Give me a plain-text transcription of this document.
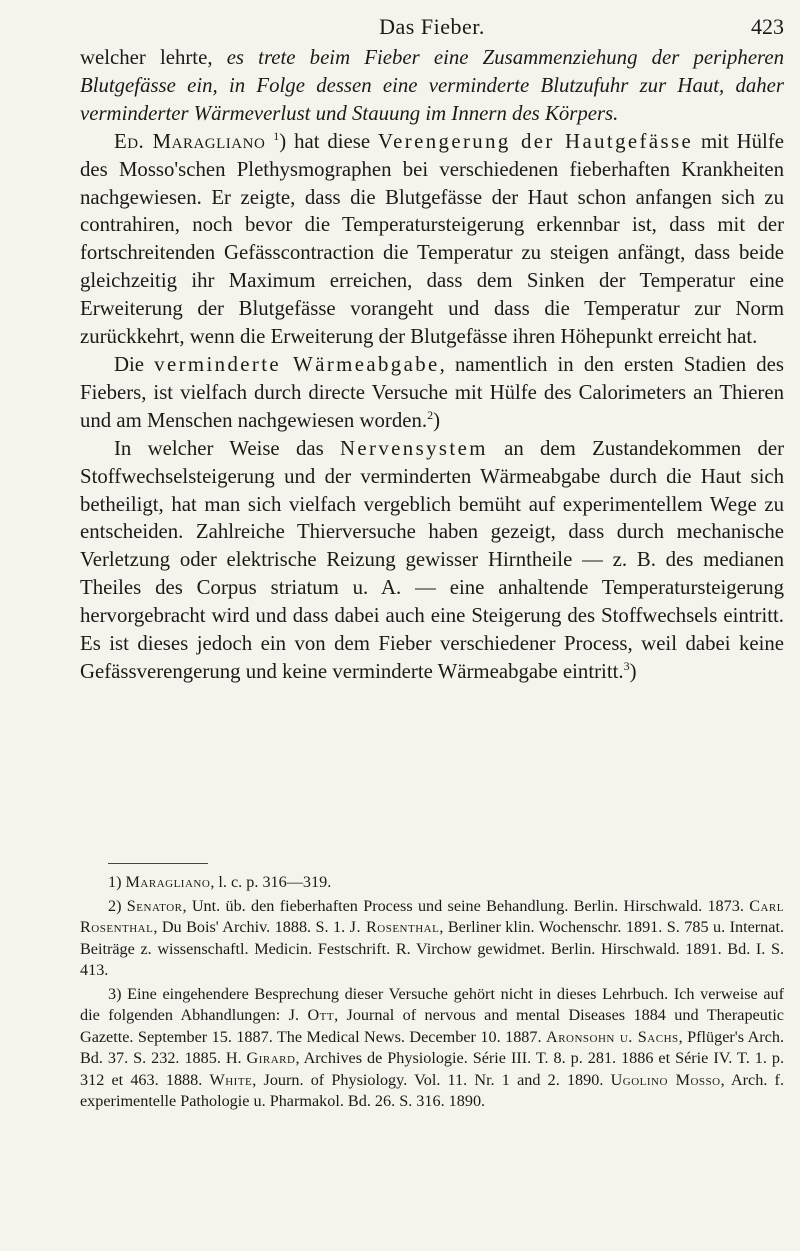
Das Fieber.	423

welcher lehrte, es trete beim Fieber eine Zusammenziehung der peripheren Blutgefässe ein, in Folge dessen eine verminderte Blutzufuhr zur Haut, daher verminderter Wärmeverlust und Stauung im Innern des Körpers.

Ed. Maragliano $^1$) hat diese Verengerung der Hautgefässe mit Hülfe des Mosso'schen Plethysmographen bei verschiedenen fieberhaften Krankheiten nachgewiesen. Er zeigte, dass die Blutgefässe der Haut schon anfangen sich zu contrahiren, noch bevor die Temperatursteigerung erkennbar ist, dass mit der fortschreitenden Gefässcontraction die Temperatur zu steigen anfängt, dass beide gleichzeitig ihr Maximum erreichen, dass dem Sinken der Temperatur eine Erweiterung der Blutgefässe vorangeht und dass die Temperatur zur Norm zurückkehrt, wenn die Erweiterung der Blutgefässe ihren Höhepunkt erreicht hat.

Die verminderte Wärmeabgabe, namentlich in den ersten Stadien des Fiebers, ist vielfach durch directe Versuche mit Hülfe des Calorimeters an Thieren und am Menschen nachgewiesen worden.$^2$)

In welcher Weise das Nervensystem an dem Zustandekommen der Stoffwechselsteigerung und der verminderten Wärmeabgabe durch die Haut sich betheiligt, hat man sich vielfach vergeblich bemüht auf experimentellem Wege zu entscheiden. Zahlreiche Thierversuche haben gezeigt, dass durch mechanische Verletzung oder elektrische Reizung gewisser Hirntheile — z. B. des medianen Theiles des Corpus striatum u. A. — eine anhaltende Temperatursteigerung hervorgebracht wird und dass dabei auch eine Steigerung des Stoffwechsels eintritt. Es ist dieses jedoch ein von dem Fieber verschiedener Process, weil dabei keine Gefässverengerung und keine verminderte Wärmeabgabe eintritt.$^3$)

1) Maragliano, l. c. p. 316—319.

2) Senator, Unt. üb. den fieberhaften Process und seine Behandlung. Berlin. Hirschwald. 1873. Carl Rosenthal, Du Bois' Archiv. 1888. S. 1. J. Rosenthal, Berliner klin. Wochenschr. 1891. S. 785 u. Internat. Beiträge z. wissenschaftl. Medicin. Festschrift. R. Virchow gewidmet. Berlin. Hirschwald. 1891. Bd. I. S. 413.

3) Eine eingehendere Besprechung dieser Versuche gehört nicht in dieses Lehrbuch. Ich verweise auf die folgenden Abhandlungen: J. Ott, Journal of nervous and mental Diseases 1884 und Therapeutic Gazette. September 15. 1887. The Medical News. December 10. 1887. Aronsohn u. Sachs, Pflüger's Arch. Bd. 37. S. 232. 1885. H. Girard, Archives de Physiologie. Série III. T. 8. p. 281. 1886 et Série IV. T. 1. p. 312 et 463. 1888. White, Journ. of Physiology. Vol. 11. Nr. 1 and 2. 1890. Ugolino Mosso, Arch. f. experimentelle Pathologie u. Pharmakol. Bd. 26. S. 316. 1890.
